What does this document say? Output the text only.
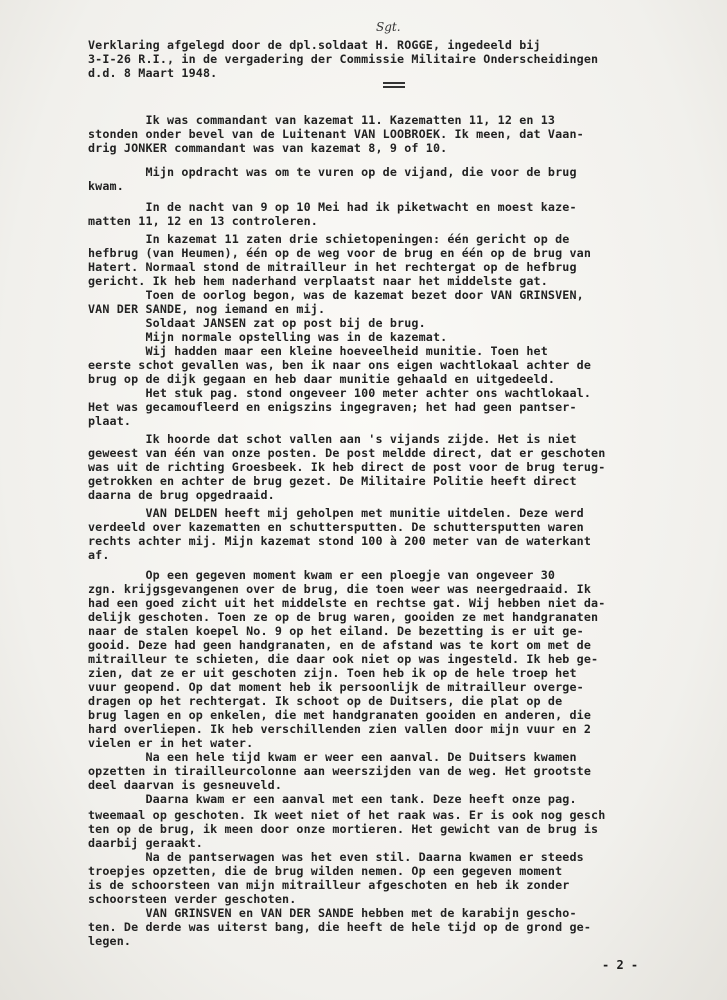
Verklaring afgelegd door de dpl.soldaat H. ROGGE, ingedeeld bij
3-I-26 R.I., in de vergadering der Commissie Militaire Onderscheidingen
d.d. 8 Maart 1948.
Sgt.
Ik was commandant van kazemat 11. Kazematten 11, 12 en 13
stonden onder bevel van de Luitenant VAN LOOBROEK. Ik meen, dat Vaan-
drig JONKER commandant was van kazemat 8, 9 of 10.
Mijn opdracht was om te vuren op de vijand, die voor de brug
kwam.
In de nacht van 9 op 10 Mei had ik piketwacht en moest kaze-
matten 11, 12 en 13 controleren.
In kazemat 11 zaten drie schietopeningen: één gericht op de
hefbrug (van Heumen), één op de weg voor de brug en één op de brug van
Hatert. Normaal stond de mitrailleur in het rechtergat op de hefbrug
gericht. Ik heb hem naderhand verplaatst naar het middelste gat.
Toen de oorlog begon, was de kazemat bezet door VAN GRINSVEN,
VAN DER SANDE, nog iemand en mij.
Soldaat JANSEN zat op post bij de brug.
Mijn normale opstelling was in de kazemat.
Wij hadden maar een kleine hoeveelheid munitie. Toen het
eerste schot gevallen was, ben ik naar ons eigen wachtlokaal achter de
brug op de dijk gegaan en heb daar munitie gehaald en uitgedeeld.
Het stuk pag. stond ongeveer 100 meter achter ons wachtlokaal.
Het was gecamoufleerd en enigszins ingegraven; het had geen pantser-
plaat.
Ik hoorde dat schot vallen aan 's vijands zijde. Het is niet
geweest van één van onze posten. De post meldde direct, dat er geschoten
was uit de richting Groesbeek. Ik heb direct de post voor de brug terug-
getrokken en achter de brug gezet. De Militaire Politie heeft direct
daarna de brug opgedraaid.
VAN DELDEN heeft mij geholpen met munitie uitdelen. Deze werd
verdeeld over kazematten en schuttersputten. De schuttersputten waren
rechts achter mij. Mijn kazemat stond 100 à 200 meter van de waterkant
af.
Op een gegeven moment kwam er een ploegje van ongeveer 30
zgn. krijgsgevangenen over de brug, die toen weer was neergedraaid. Ik
had een goed zicht uit het middelste en rechtse gat. Wij hebben niet da-
delijk geschoten. Toen ze op de brug waren, gooiden ze met handgranaten
naar de stalen koepel No. 9 op het eiland. De bezetting is er uit ge-
gooid. Deze had geen handgranaten, en de afstand was te kort om met de
mitrailleur te schieten, die daar ook niet op was ingesteld. Ik heb ge-
zien, dat ze er uit geschoten zijn. Toen heb ik op de hele troep het
vuur geopend. Op dat moment heb ik persoonlijk de mitrailleur overge-
dragen op het rechtergat. Ik schoot op de Duitsers, die plat op de
brug lagen en op enkelen, die met handgranaten gooiden en anderen, die
hard overliepen. Ik heb verschillenden zien vallen door mijn vuur en 2
vielen er in het water.
Na een hele tijd kwam er weer een aanval. De Duitsers kwamen
opzetten in tirailleurcolonne aan weerszijden van de weg. Het grootste
deel daarvan is gesneuveld.
Daarna kwam er een aanval met een tank. Deze heeft onze pag.
tweemaal op geschoten. Ik weet niet of het raak was. Er is ook nog gesch
ten op de brug, ik meen door onze mortieren. Het gewicht van de brug is
daarbij geraakt.
Na de pantserwagen was het even stil. Daarna kwamen er steeds
troepjes opzetten, die de brug wilden nemen. Op een gegeven moment
is de schoorsteen van mijn mitrailleur afgeschoten en heb ik zonder
schoorsteen verder geschoten.
VAN GRINSVEN en VAN DER SANDE hebben met de karabijn gescho-
ten. De derde was uiterst bang, die heeft de hele tijd op de grond ge-
legen.
- 2 -
